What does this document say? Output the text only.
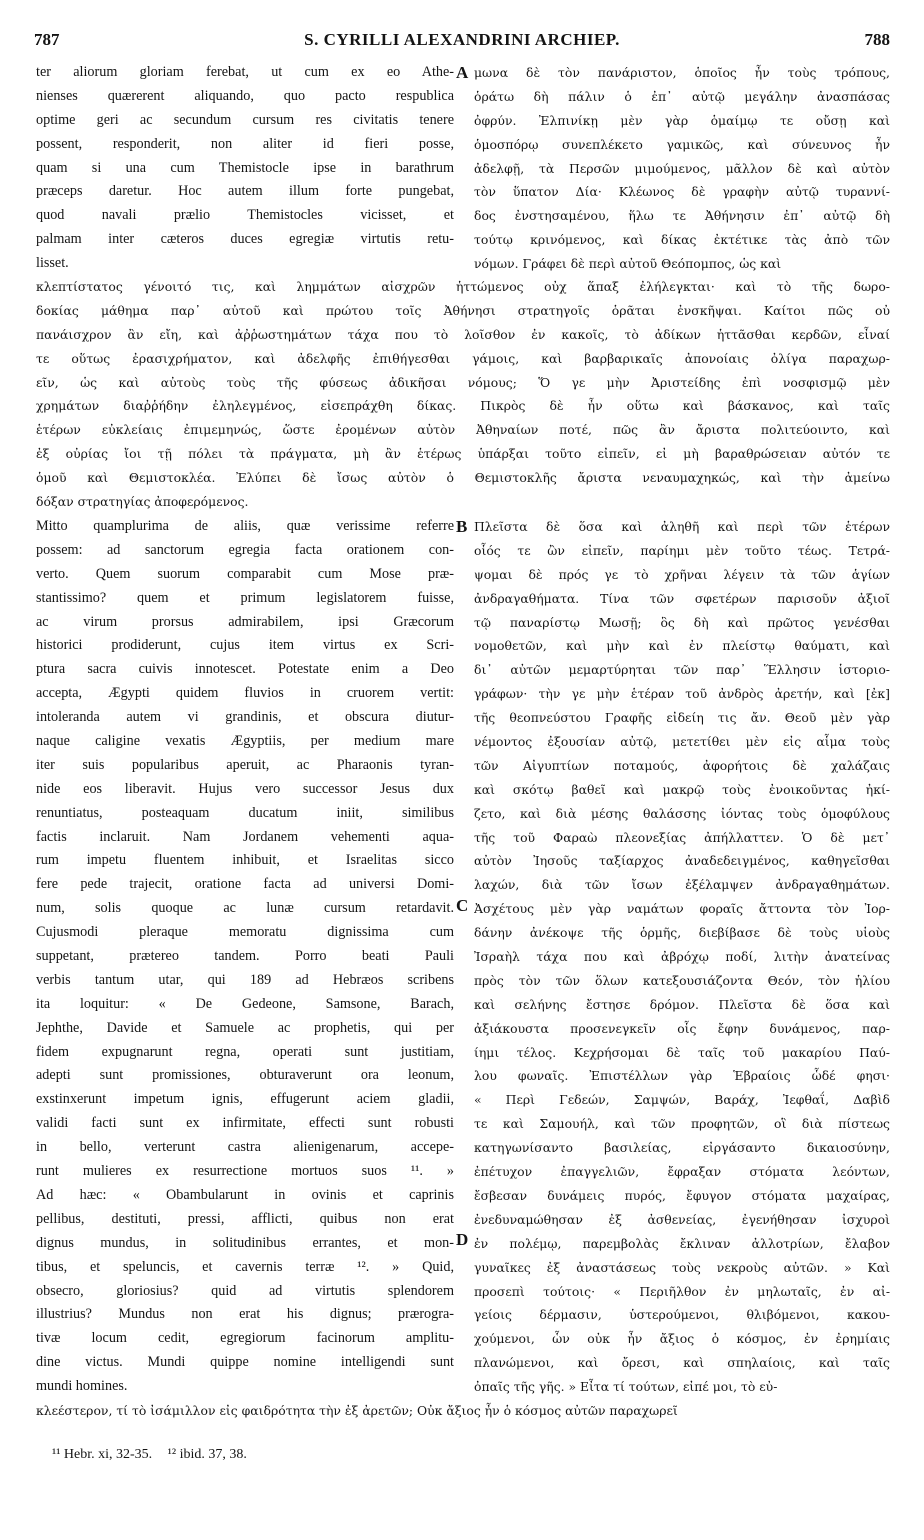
787	S. CYRILLI ALEXANDRINI ARCHIEP.	788
ter aliorum gloriam ferebat, ut cum ex eo Athe-
nienses quærerent aliquando, quo pacto respublica
optime geri ac secundum cursum res civitatis tenere
possent, responderit, non aliter id fieri posse,
quam si una cum Themistocle ipse in barathrum
præceps daretur. Hoc autem illum forte pungebat,
quod navali prælio Themistocles vicisset, et
palmam inter cæteros duces egregiæ virtutis retu-
lisset.
μωνα δὲ τὸν πανάριστον, ὁποῖος ἦν τοὺς τρόπους,
ὁράτω δὴ πάλιν ὁ ἐπ᾽ αὐτῷ μεγάλην ἀνασπάσας
ὀφρύν. Ἐλπινίκῃ μὲν γὰρ ὁμαίμῳ τε οὔσῃ καὶ
ὁμοσπόρῳ συνεπλέκετο γαμικῶς, καὶ σύνευνος ἦν
ἀδελφῇ, τὰ Περσῶν μιμούμενος, μᾶλλον δὲ καὶ αὐτὸν
τὸν ὕπατον Δία· Κλέωνος δὲ γραφὴν αὐτῷ τυραννί-
δος ἐνστησαμένου, ἥλω τε Ἀθήνησιν ἐπ᾽ αὐτῷ δὴ
τούτῳ κρινόμενος, καὶ δίκας ἐκτέτικε τὰς ἀπὸ τῶν
νόμων. Γράφει δὲ περὶ αὐτοῦ Θεόπομπος, ὡς καὶ
κλεπτίστατος γένοιτό τις, καὶ λημμάτων αἰσχρῶν ἡττώμενος οὐχ ἅπαξ ἐλήλεγκται· καὶ τὸ τῆς δωρο-
δοκίας μάθημα παρ᾽ αὐτοῦ καὶ πρώτου τοῖς Ἀθήνησι στρατηγοῖς ὁρᾶται ἐνσκῆψαι. Καίτοι πῶς οὐ
πανάισχρον ἂν εἴη, καὶ ἀῤῥωστημάτων τάχα που τὸ λοῖσθον ἐν κακοῖς, τὸ ἀδίκων ἡττᾶσθαι κερδῶν, εἶναί
τε οὕτως ἐρασιχρήματον, καὶ ἀδελφῆς ἐπιθήγεσθαι γάμοις, καὶ βαρβαρικαῖς ἀπονοίαις ὀλίγα παραχωρ-
εῖν, ὡς καὶ αὐτοὺς τοὺς τῆς φύσεως ἀδικῆσαι νόμους; Ὅ γε μὴν Ἀριστείδης ἐπὶ νοσφισμῷ μὲν
χρημάτων διαῤῥήδην ἐληλεγμένος, εἰσεπράχθη δίκας. Πικρὸς δὲ ἦν οὕτω καὶ βάσκανος, καὶ ταῖς
ἑτέρων εὐκλείαις ἐπιμεμηνώς, ὥστε ἐρομένων αὐτὸν Ἀθηναίων ποτέ, πῶς ἂν ἄριστα πολιτεύοιντο, καὶ
ἐξ οὐρίας ἴοι τῇ πόλει τὰ πράγματα, μὴ ἂν ἑτέρως ὑπάρξαι τοῦτο εἰπεῖν, εἰ μὴ βαραθρώσειαν αὐτόν τε
ὁμοῦ καὶ Θεμιστοκλέα. Ἐλύπει δὲ ἴσως αὐτὸν ὁ Θεμιστοκλῆς ἄριστα νεναυμαχηκώς, καὶ τὴν ἀμείνω
δόξαν στρατηγίας ἀποφερόμενος.
Mitto quamplurima de aliis, quæ verissime referre
possem: ad sanctorum egregia facta orationem con-
verto. Quem suorum comparabit cum Mose præ-
stantissimo? quem et primum legislatorem fuisse,
ac virum prorsus admirabilem, ipsi Græcorum
historici prodiderunt, cujus item virtus ex Scri-
ptura sacra cuivis innotescet. Potestate enim a Deo
accepta, Ægypti quidem fluvios in cruorem vertit:
intoleranda autem vi grandinis, et obscura diutur-
naque caligine vexatis Ægyptiis, per medium mare
iter suis popularibus aperuit, ac Pharaonis tyran-
nide eos liberavit. Hujus vero successor Jesus dux
renuntiatus, posteaquam ducatum iniit, similibus
factis inclaruit. Nam Jordanem vehementi aqua-
rum impetu fluentem inhibuit, et Israelitas sicco
fere pede trajecit, oratione facta ad universi Domi-
num, solis quoque ac lunæ cursum retardavit.
Cujusmodi pleraque memoratu dignissima cum
suppetant, prætereo tandem. Porro beati Pauli
verbis tantum utar, qui 189 ad Hebræos scribens
ita loquitur: « De Gedeone, Samsone, Barach,
Jephthe, Davide et Samuele ac prophetis, qui per
fidem expugnarunt regna, operati sunt justitiam,
adepti sunt promissiones, obturaverunt ora leonum,
exstinxerunt impetum ignis, effugerunt aciem gladii,
validi facti sunt ex infirmitate, effecti sunt robusti
in bello, verterunt castra alienigenarum, accepe-
runt mulieres ex resurrectione mortuos suos ¹¹. »
Ad hæc: « Obambularunt in ovinis et caprinis
pellibus, destituti, pressi, afflicti, quibus non erat
dignus mundus, in solitudinibus errantes, et mon-
tibus, et speluncis, et cavernis terræ ¹². » Quid,
obsecro, gloriosius? quid ad virtutis splendorem
illustrius? Mundus non erat his dignus; prærogra-
tivæ locum cedit, egregiorum facinorum amplitu-
dine victus. Mundi quippe nomine intelligendi sunt
mundi homines.
Πλεῖστα δὲ ὅσα καὶ ἀληθῆ καὶ περὶ τῶν ἑτέρων
οἷός τε ὢν εἰπεῖν, παρίημι μὲν τοῦτο τέως. Τετρά-
ψομαι δὲ πρός γε τὸ χρῆναι λέγειν τὰ τῶν ἁγίων
ἀνδραγαθήματα. Τίνα τῶν σφετέρων παρισοῦν ἀξιοῖ
τῷ παναρίστῳ Μωσῇ; ὃς δὴ καὶ πρῶτος γενέσθαι
νομοθετῶν, καὶ μὴν καὶ ἐν πλείστῳ θαύματι, καὶ
δι᾽ αὐτῶν μεμαρτύρηται τῶν παρ᾽ Ἕλλησιν ἱστοριο-
γράφων· τὴν γε μὴν ἑτέραν τοῦ ἀνδρὸς ἀρετήν, καὶ [ἐκ]
τῆς θεοπνεύστου Γραφῆς εἰδείη τις ἄν. Θεοῦ μὲν γὰρ
νέμοντος ἐξουσίαν αὐτῷ, μετετίθει μὲν εἰς αἷμα τοὺς
τῶν Αἰγυπτίων ποταμούς, ἀφορήτοις δὲ χαλάζαις
καὶ σκότῳ βαθεῖ καὶ μακρῷ τοὺς ἐνοικοῦντας ἠκί-
ζετο, καὶ διὰ μέσης θαλάσσης ἰόντας τοὺς ὁμοφύλους
τῆς τοῦ Φαραὼ πλεονεξίας ἀπήλλαττεν. Ὁ δὲ μετ᾽
αὐτὸν Ἰησοῦς ταξίαρχος ἀναδεδειγμένος, καθηγεῖσθαι
λαχών, διὰ τῶν ἴσων ἐξέλαμψεν ἀνδραγαθημάτων.
Ἀσχέτους μὲν γὰρ ναμάτων φοραῖς ἄττοντα τὸν Ἰορ-
δάνην ἀνέκοψε τῆς ὁρμῆς, διεβίβασε δὲ τοὺς υἱοὺς
Ἰσραὴλ τάχα που καὶ ἀβρόχῳ ποδί, λιτὴν ἀνατείνας
πρὸς τὸν τῶν ὅλων κατεξουσιάζοντα Θεόν, τὸν ἡλίου
καὶ σελήνης ἔστησε δρόμον. Πλεῖστα δὲ ὅσα καὶ
ἀξιάκουστα προσενεγκεῖν οἷς ἔφην δυνάμενος, παρ-
ίημι τέλος. Κεχρήσομαι δὲ ταῖς τοῦ μακαρίου Παύ-
λου φωναῖς. Ἐπιστέλλων γὰρ Ἑβραίοις ὧδέ φησι·
« Περὶ Γεδεών, Σαμψών, Βαράχ, Ἰεφθαΐ, Δαβὶδ
τε καὶ Σαμουήλ, καὶ τῶν προφητῶν, οἳ διὰ πίστεως
κατηγωνίσαντο βασιλείας, εἰργάσαντο δικαιοσύνην,
ἐπέτυχον ἐπαγγελιῶν, ἔφραξαν στόματα λεόντων,
ἔσβεσαν δυνάμεις πυρός, ἔφυγον στόματα μαχαίρας,
ἐνεδυναμώθησαν ἐξ ἀσθενείας, ἐγενήθησαν ἰσχυροὶ
ἐν πολέμῳ, παρεμβολὰς ἔκλιναν ἀλλοτρίων, ἔλαβον
γυναῖκες ἐξ ἀναστάσεως τοὺς νεκροὺς αὐτῶν. » Καὶ
προσεπὶ τούτοις· « Περιῆλθον ἐν μηλωταῖς, ἐν αἰ-
γείοις δέρμασιν, ὑστερούμενοι, θλιβόμενοι, κακου-
χούμενοι, ὧν οὐκ ἦν ἄξιος ὁ κόσμος, ἐν ἐρημίαις
πλανώμενοι, καὶ ὄρεσι, καὶ σπηλαίοις, καὶ ταῖς
ὀπαῖς τῆς γῆς. » Εἶτα τί τούτων, εἰπέ μοι, τὸ εὐ-
κλεέστερον, τί τὸ ἰσάμιλλον εἰς φαιδρότητα τὴν ἐξ ἀρετῶν; Οὐκ ἄξιος ἦν ὁ κόσμος αὐτῶν παραχωρεῖ
A
B
C
D
¹¹ Hebr. xi, 32-35. ¹² ibid. 37, 38.
